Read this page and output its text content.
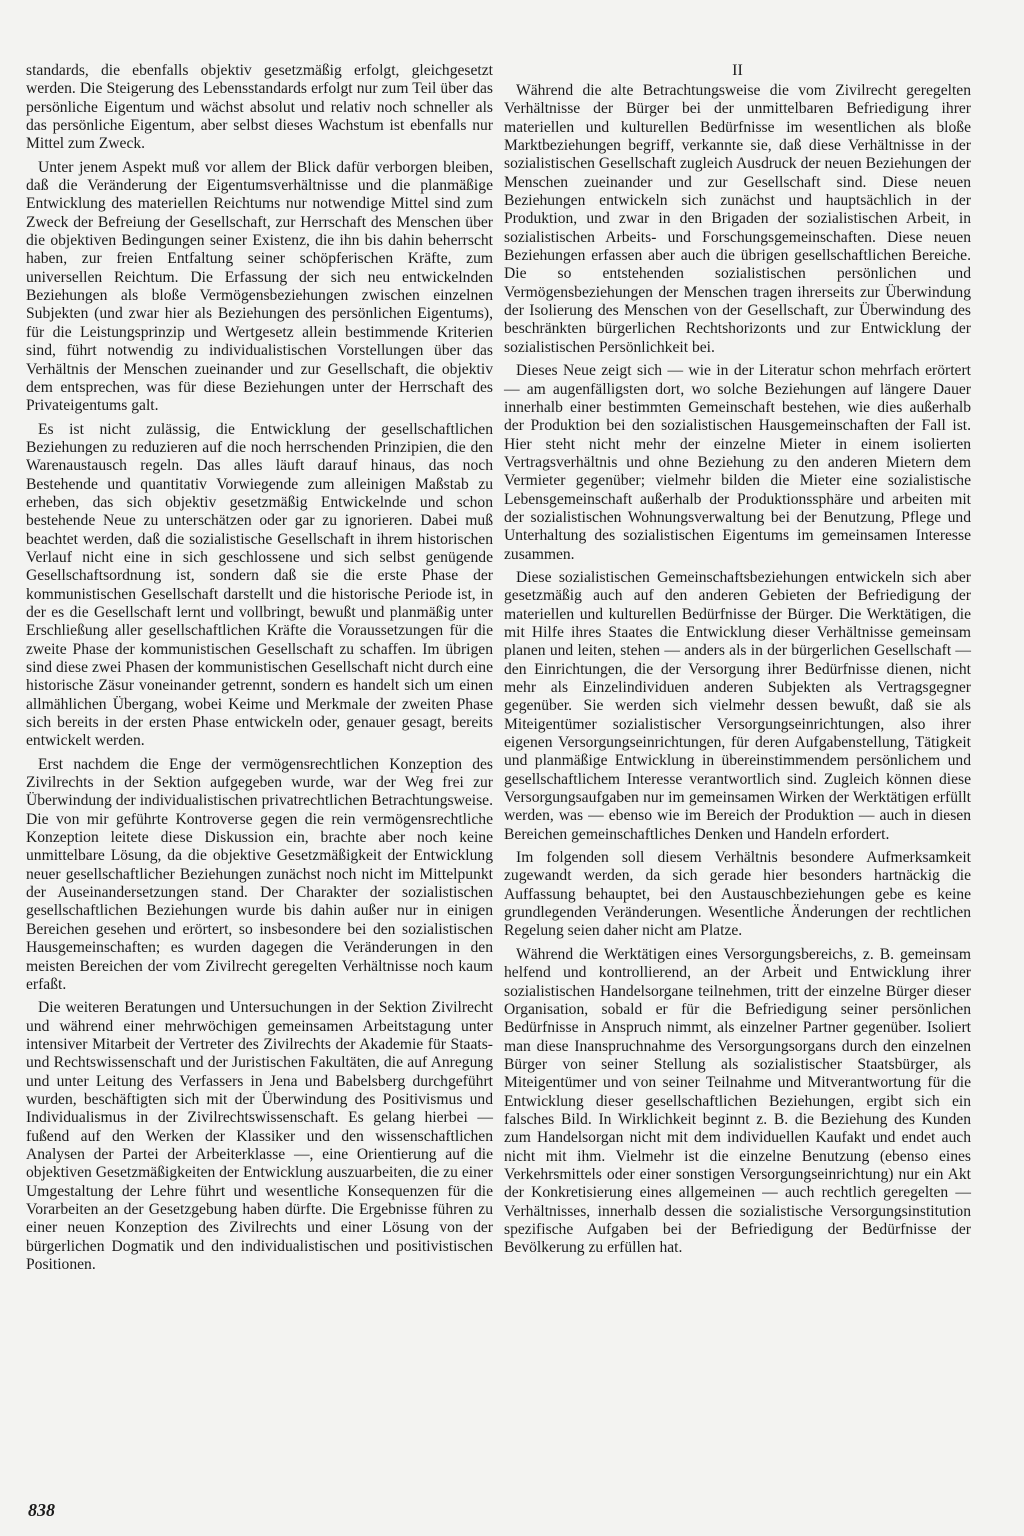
standards, die ebenfalls objektiv gesetzmäßig erfolgt, gleichgesetzt werden. Die Steigerung des Lebensstandards erfolgt nur zum Teil über das persönliche Eigentum und wächst absolut und relativ noch schneller als das persönliche Eigentum, aber selbst dieses Wachstum ist ebenfalls nur Mittel zum Zweck.

Unter jenem Aspekt muß vor allem der Blick dafür verborgen bleiben, daß die Veränderung der Eigentumsverhältnisse und die planmäßige Entwicklung des materiellen Reichtums nur notwendige Mittel sind zum Zweck der Befreiung der Gesellschaft, zur Herrschaft des Menschen über die objektiven Bedingungen seiner Existenz, die ihn bis dahin beherrscht haben, zur freien Entfaltung seiner schöpferischen Kräfte, zum universellen Reichtum. Die Erfassung der sich neu entwickelnden Beziehungen als bloße Vermögensbeziehungen zwischen einzelnen Subjekten (und zwar hier als Beziehungen des persönlichen Eigentums), für die Leistungsprinzip und Wertgesetz allein bestimmende Kriterien sind, führt notwendig zu individualistischen Vorstellungen über das Verhältnis der Menschen zueinander und zur Gesellschaft, die objektiv dem entsprechen, was für diese Beziehungen unter der Herrschaft des Privateigentums galt.

Es ist nicht zulässig, die Entwicklung der gesellschaftlichen Beziehungen zu reduzieren auf die noch herrschenden Prinzipien, die den Warenaustausch regeln. Das alles läuft darauf hinaus, das noch Bestehende und quantitativ Vorwiegende zum alleinigen Maßstab zu erheben, das sich objektiv gesetzmäßig Entwickelnde und schon bestehende Neue zu unterschätzen oder gar zu ignorieren. Dabei muß beachtet werden, daß die sozialistische Gesellschaft in ihrem historischen Verlauf nicht eine in sich geschlossene und sich selbst genügende Gesellschaftsordnung ist, sondern daß sie die erste Phase der kommunistischen Gesellschaft darstellt und die historische Periode ist, in der es die Gesellschaft lernt und vollbringt, bewußt und planmäßig unter Erschließung aller gesellschaftlichen Kräfte die Voraussetzungen für die zweite Phase der kommunistischen Gesellschaft zu schaffen. Im übrigen sind diese zwei Phasen der kommunistischen Gesellschaft nicht durch eine historische Zäsur voneinander getrennt, sondern es handelt sich um einen allmählichen Übergang, wobei Keime und Merkmale der zweiten Phase sich bereits in der ersten Phase entwickeln oder, genauer gesagt, bereits entwickelt werden.

Erst nachdem die Enge der vermögensrechtlichen Konzeption des Zivilrechts in der Sektion aufgegeben wurde, war der Weg frei zur Überwindung der individualistischen privatrechtlichen Betrachtungsweise. Die von mir geführte Kontroverse gegen die rein vermögensrechtliche Konzeption leitete diese Diskussion ein, brachte aber noch keine unmittelbare Lösung, da die objektive Gesetzmäßigkeit der Entwicklung neuer gesellschaftlicher Beziehungen zunächst noch nicht im Mittelpunkt der Auseinandersetzungen stand. Der Charakter der sozialistischen gesellschaftlichen Beziehungen wurde bis dahin außer nur in einigen Bereichen gesehen und erörtert, so insbesondere bei den sozialistischen Hausgemeinschaften; es wurden dagegen die Veränderungen in den meisten Bereichen der vom Zivilrecht geregelten Verhältnisse noch kaum erfaßt.

Die weiteren Beratungen und Untersuchungen in der Sektion Zivilrecht und während einer mehrwöchigen gemeinsamen Arbeitstagung unter intensiver Mitarbeit der Vertreter des Zivilrechts der Akademie für Staats- und Rechtswissenschaft und der Juristischen Fakultäten, die auf Anregung und unter Leitung des Verfassers in Jena und Babelsberg durchgeführt wurden, beschäftigten sich mit der Überwindung des Positivismus und Individualismus in der Zivilrechtswissenschaft. Es gelang hierbei — fußend auf den Werken der Klassiker und den wissenschaftlichen Analysen der Partei der Arbeiterklasse —, eine Orientierung auf die objektiven Gesetzmäßigkeiten der Entwicklung auszuarbeiten, die zu einer Umgestaltung der Lehre führt und wesentliche Konsequenzen für die Vorarbeiten an der Gesetzgebung haben dürfte. Die Ergebnisse führen zu einer neuen Konzeption des Zivilrechts und einer Lösung von der bürgerlichen Dogmatik und den individualistischen und positivistischen Positionen.

II

Während die alte Betrachtungsweise die vom Zivilrecht geregelten Verhältnisse der Bürger bei der unmittelbaren Befriedigung ihrer materiellen und kulturellen Bedürfnisse im wesentlichen als bloße Marktbeziehungen begriff, verkannte sie, daß diese Verhältnisse in der sozialistischen Gesellschaft zugleich Ausdruck der neuen Beziehungen der Menschen zueinander und zur Gesellschaft sind. Diese neuen Beziehungen entwickeln sich zunächst und hauptsächlich in der Produktion, und zwar in den Brigaden der sozialistischen Arbeit, in sozialistischen Arbeits- und Forschungsgemeinschaften. Diese neuen Beziehungen erfassen aber auch die übrigen gesellschaftlichen Bereiche. Die so entstehenden sozialistischen persönlichen und Vermögensbeziehungen der Menschen tragen ihrerseits zur Überwindung der Isolierung des Menschen von der Gesellschaft, zur Überwindung des beschränkten bürgerlichen Rechtshorizonts und zur Entwicklung der sozialistischen Persönlichkeit bei.

Dieses Neue zeigt sich — wie in der Literatur schon mehrfach erörtert — am augenfälligsten dort, wo solche Beziehungen auf längere Dauer innerhalb einer bestimmten Gemeinschaft bestehen, wie dies außerhalb der Produktion bei den sozialistischen Hausgemeinschaften der Fall ist. Hier steht nicht mehr der einzelne Mieter in einem isolierten Vertragsverhältnis und ohne Beziehung zu den anderen Mietern dem Vermieter gegenüber; vielmehr bilden die Mieter eine sozialistische Lebensgemeinschaft außerhalb der Produktionssphäre und arbeiten mit der sozialistischen Wohnungsverwaltung bei der Benutzung, Pflege und Unterhaltung des sozialistischen Eigentums im gemeinsamen Interesse zusammen.

Diese sozialistischen Gemeinschaftsbeziehungen entwickeln sich aber gesetzmäßig auch auf den anderen Gebieten der Befriedigung der materiellen und kulturellen Bedürfnisse der Bürger. Die Werktätigen, die mit Hilfe ihres Staates die Entwicklung dieser Verhältnisse gemeinsam planen und leiten, stehen — anders als in der bürgerlichen Gesellschaft — den Einrichtungen, die der Versorgung ihrer Bedürfnisse dienen, nicht mehr als Einzelindividuen anderen Subjekten als Vertragsgegner gegenüber. Sie werden sich vielmehr dessen bewußt, daß sie als Miteigentümer sozialistischer Versorgungseinrichtungen, also ihrer eigenen Versorgungseinrichtungen, für deren Aufgabenstellung, Tätigkeit und planmäßige Entwicklung in übereinstimmendem persönlichem und gesellschaftlichem Interesse verantwortlich sind. Zugleich können diese Versorgungsaufgaben nur im gemeinsamen Wirken der Werktätigen erfüllt werden, was — ebenso wie im Bereich der Produktion — auch in diesen Bereichen gemeinschaftliches Denken und Handeln erfordert.

Im folgenden soll diesem Verhältnis besondere Aufmerksamkeit zugewandt werden, da sich gerade hier besonders hartnäckig die Auffassung behauptet, bei den Austauschbeziehungen gebe es keine grundlegenden Veränderungen. Wesentliche Änderungen der rechtlichen Regelung seien daher nicht am Platze.

Während die Werktätigen eines Versorgungsbereichs, z. B. gemeinsam helfend und kontrollierend, an der Arbeit und Entwicklung ihrer sozialistischen Handelsorgane teilnehmen, tritt der einzelne Bürger dieser Organisation, sobald er für die Befriedigung seiner persönlichen Bedürfnisse in Anspruch nimmt, als einzelner Partner gegenüber. Isoliert man diese Inanspruchnahme des Versorgungsorgans durch den einzelnen Bürger von seiner Stellung als sozialistischer Staatsbürger, als Miteigentümer und von seiner Teilnahme und Mitverantwortung für die Entwicklung dieser gesellschaftlichen Beziehungen, ergibt sich ein falsches Bild. In Wirklichkeit beginnt z. B. die Beziehung des Kunden zum Handelsorgan nicht mit dem individuellen Kaufakt und endet auch nicht mit ihm. Vielmehr ist die einzelne Benutzung (ebenso eines Verkehrsmittels oder einer sonstigen Versorgungseinrichtung) nur ein Akt der Konkretisierung eines allgemeinen — auch rechtlich geregelten — Verhältnisses, innerhalb dessen die sozialistische Versorgungsinstitution spezifische Aufgaben bei der Befriedigung der Bedürfnisse der Bevölkerung zu erfüllen hat.

838
